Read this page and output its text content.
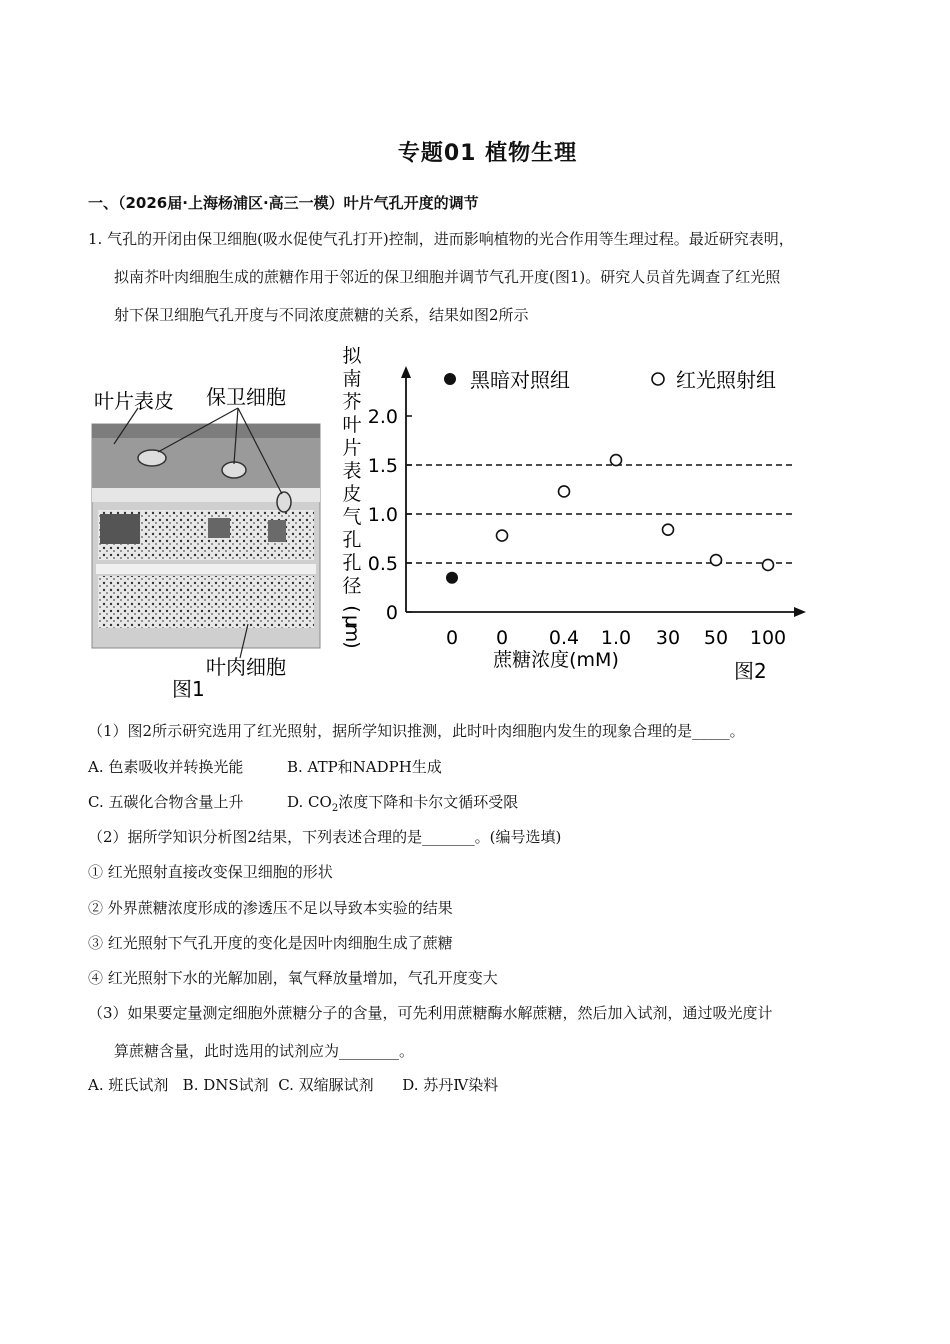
专题01 植物生理
一、（2026届·上海杨浦区·高三一模）叶片气孔开度的调节
1. 气孔的开闭由保卫细胞(吸水促使气孔打开)控制，进而影响植物的光合作用等生理过程。最近研究表明，
拟南芥叶肉细胞生成的蔗糖作用于邻近的保卫细胞并调节气孔开度(图1)。研究人员首先调查了红光照
射下保卫细胞气孔开度与不同浓度蔗糖的关系，结果如图2所示
叶片表皮 保卫细胞
叶肉细胞
图1
拟
南
芥
叶
片
表
皮
气
孔
孔
径
(
μ
m
)
0
0.5
1.0
1.5
2.0
0 0 0.4 1.0 30 50 100
蔗糖浓度(mM)	图2
黑暗对照组	红光照射组
（1）图2所示研究选用了红光照射，据所学知识推测，此时叶肉细胞内发生的现象合理的是_____。
A. 色素吸收并转换光能	B. ATP和NADPH生成
C. 五碳化合物含量上升	D. $CO_2$浓度下降和卡尔文循环受限
（2）据所学知识分析图2结果，下列表述合理的是_______。(编号选填)
① 红光照射直接改变保卫细胞的形状
② 外界蔗糖浓度形成的渗透压不足以导致本实验的结果
③ 红光照射下气孔开度的变化是因叶肉细胞生成了蔗糖
④ 红光照射下水的光解加剧，氧气释放量增加，气孔开度变大
（3）如果要定量测定细胞外蔗糖分子的含量，可先利用蔗糖酶水解蔗糖，然后加入试剂，通过吸光度计
算蔗糖含量，此时选用的试剂应为________。
A. 班氏试剂   B. DNS试剂  C. 双缩脲试剂      D. 苏丹Ⅳ染料
